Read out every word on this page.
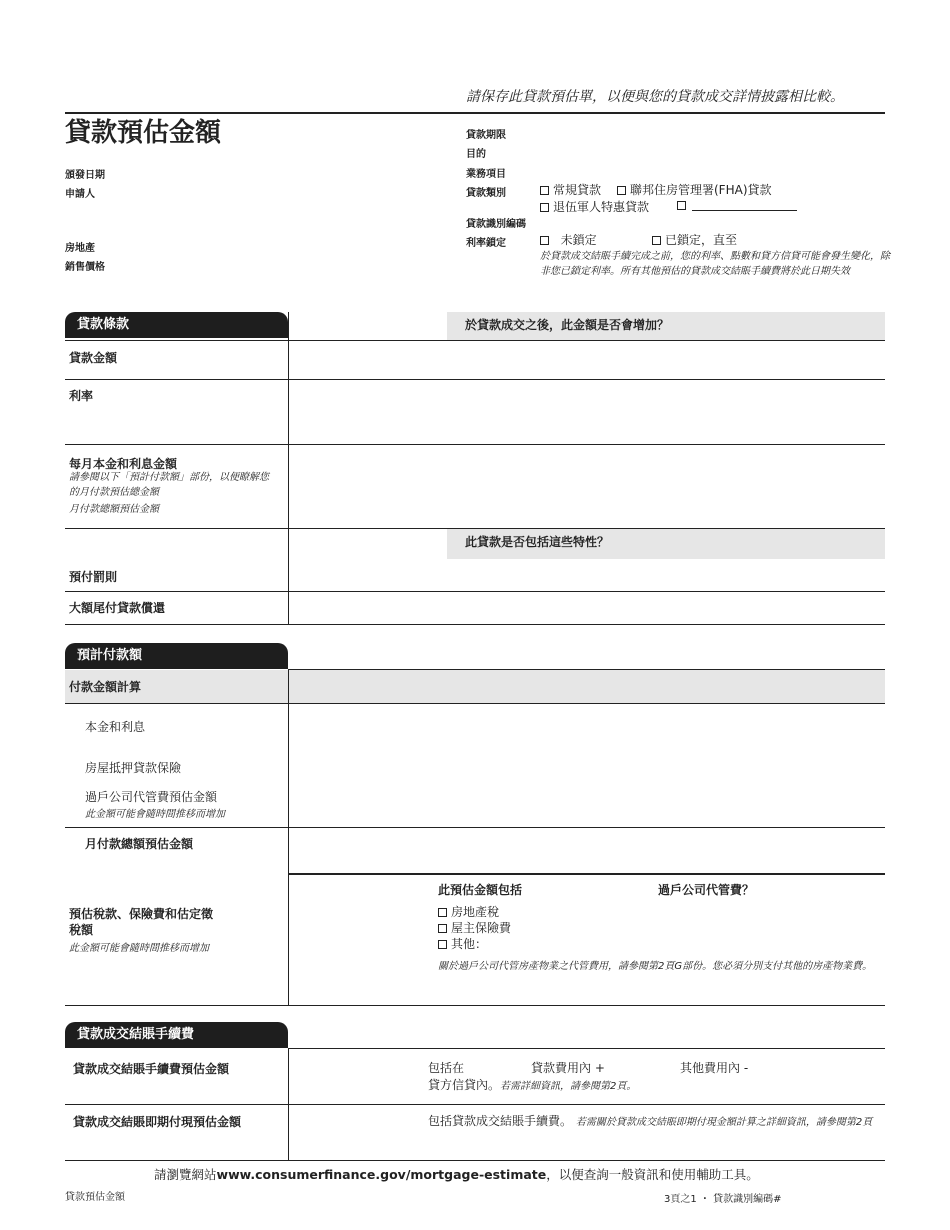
請保存此貸款預估單，以便與您的貸款成交詳情披露相比較。
貸款預估金額
頒發日期
申請人
房地產
銷售價格
貸款期限
目的
業務項目
貸款類別
貸款識別編碼
利率鎖定
常規貸款	聯邦住房管理署(FHA)貸款
退伍軍人特惠貸款
未鎖定	已鎖定，直至
於貸款成交結賬手續完成之前，您的利率、點數和貸方信貸可能會發生變化，除非您已鎖定利率。所有其他預估的貸款成交結賬手續費將於此日期失效
貸款條款	於貸款成交之後，此金額是否會增加？
貸款金額
利率
每月本金和利息金額
請參閱以下「預計付款額」部份，以便瞭解您的月付款預估總金額
月付款總額預估金額
此貸款是否包括這些特性？
預付罰則
大額尾付貸款償還
預計付款額
付款金額計算
本金和利息
房屋抵押貸款保險
過戶公司代管費預估金額
此金額可能會隨時間推移而增加
月付款總額預估金額
預估稅款、保險費和估定徵稅額
此金額可能會隨時間推移而增加
此預估金額包括	過戶公司代管費？
房地產稅
屋主保險費
其他：
關於過戶公司代管房產物業之代管費用，請參閱第2頁G部份。您必須分別支付其他的房產物業費。
貸款成交結賬手續費
貸款成交結賬手續費預估金額	包括在	貸款費用內 +	其他費用內 -
貸方信貸內。若需詳細資訊，請參閱第2頁。
貸款成交結賬即期付現預估金額	包括貸款成交結賬手續費。 若需關於貸款成交結賬即期付現金額計算之詳細資訊，請參閱第2頁
請瀏覽網站www.consumerfinance.gov/mortgage-estimate，以便查詢一般資訊和使用輔助工具。
貸款預估金額	3頁之1 ・ 貸款識別編碼#
